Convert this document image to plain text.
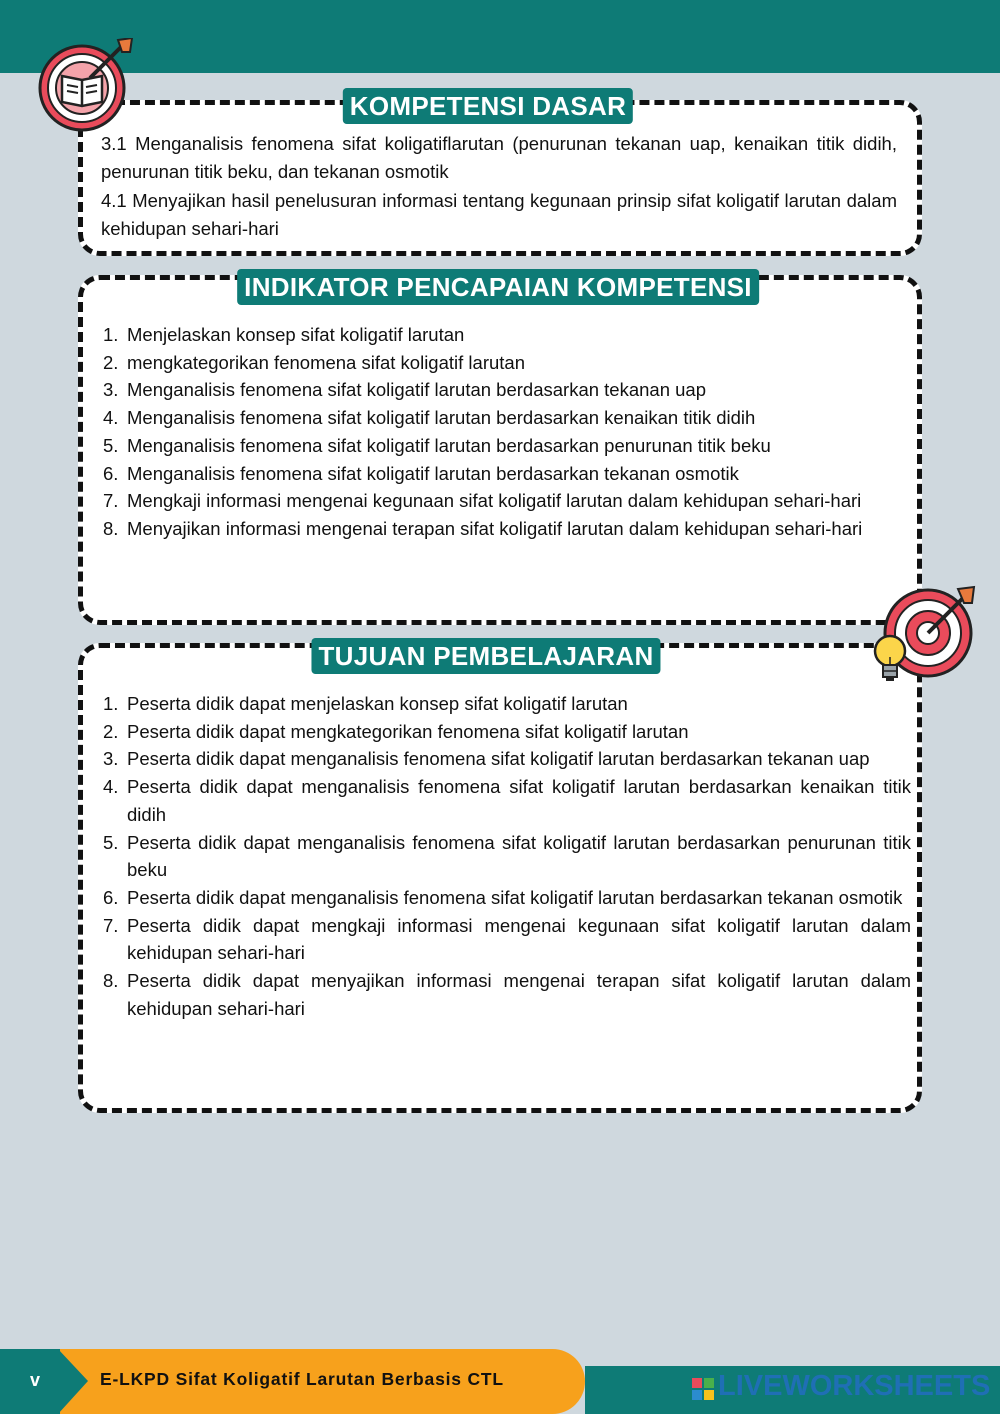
KOMPETENSI DASAR

3.1 Menganalisis fenomena sifat koligatiflarutan (penurunan tekanan uap, kenaikan titik didih, penurunan titik beku, dan tekanan osmotik

4.1 Menyajikan hasil penelusuran informasi tentang kegunaan prinsip sifat koligatif larutan dalam kehidupan sehari-hari

INDIKATOR PENCAPAIAN KOMPETENSI
1. Menjelaskan konsep sifat koligatif larutan
2. mengkategorikan fenomena sifat koligatif larutan
3. Menganalisis fenomena sifat koligatif larutan berdasarkan tekanan uap
4. Menganalisis fenomena sifat koligatif larutan berdasarkan kenaikan titik didih
5. Menganalisis fenomena sifat koligatif larutan berdasarkan penurunan titik beku
6. Menganalisis fenomena sifat koligatif larutan berdasarkan tekanan osmotik
7. Mengkaji informasi mengenai kegunaan sifat koligatif larutan dalam kehidupan sehari-hari
8. Menyajikan informasi mengenai terapan sifat koligatif larutan dalam kehidupan sehari-hari
TUJUAN PEMBELAJARAN
1. Peserta didik dapat menjelaskan konsep sifat koligatif larutan
2. Peserta didik dapat mengkategorikan fenomena sifat koligatif larutan
3. Peserta didik dapat menganalisis fenomena sifat koligatif larutan berdasarkan tekanan uap
4. Peserta didik dapat menganalisis fenomena sifat koligatif larutan berdasarkan kenaikan titik didih
5. Peserta didik dapat menganalisis fenomena sifat koligatif larutan berdasarkan penurunan titik beku
6. Peserta didik dapat menganalisis fenomena sifat koligatif larutan berdasarkan tekanan osmotik
7. Peserta didik dapat mengkaji informasi mengenai kegunaan sifat koligatif larutan dalam kehidupan sehari-hari
8. Peserta didik dapat menyajikan informasi mengenai terapan sifat koligatif larutan dalam kehidupan sehari-hari
v	E-LKPD Sifat Koligatif Larutan Berbasis CTL	LIVEWORKSHEETS
